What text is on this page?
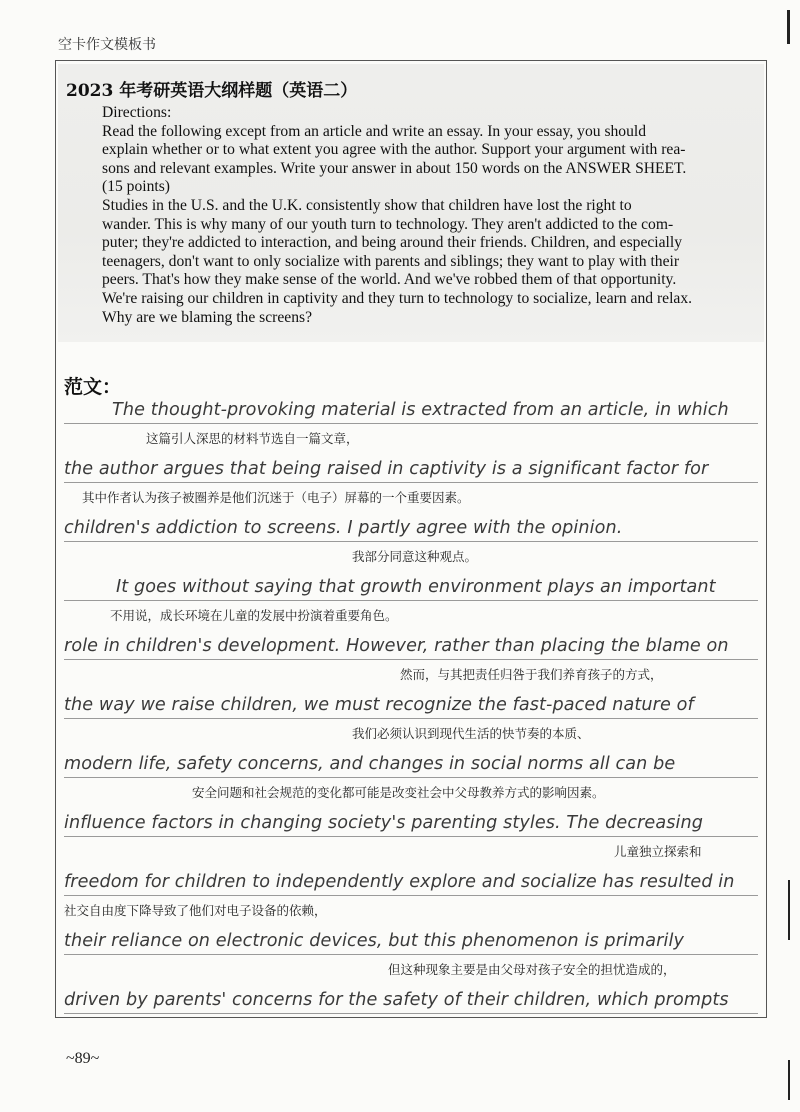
空卡作文模板书
2023 年考研英语大纲样题（英语二）

Directions:

Read the following except from an article and write an essay. In your essay, you should

explain whether or to what extent you agree with the author. Support your argument with rea-

sons and relevant examples. Write your answer in about 150 words on the ANSWER SHEET.

(15 points)

Studies in the U.S. and the U.K. consistently show that children have lost the right to

wander. This is why many of our youth turn to technology. They aren't addicted to the com-

puter; they're addicted to interaction, and being around their friends. Children, and especially

teenagers, don't want to only socialize with parents and siblings; they want to play with their

peers. That's how they make sense of the world. And we've robbed them of that opportunity.

We're raising our children in captivity and they turn to technology to socialize, learn and relax.

Why are we blaming the screens?

范文：
The thought-provoking material is extracted from an article, in which
这篇引人深思的材料节选自一篇文章，
the author argues that being raised in captivity is a significant factor for
其中作者认为孩子被圈养是他们沉迷于（电子）屏幕的一个重要因素。
children's addiction to screens. I partly agree with the opinion.
我部分同意这种观点。
It goes without saying that growth environment plays an important
不用说，成长环境在儿童的发展中扮演着重要角色。
role in children's development. However, rather than placing the blame on
然而，与其把责任归咎于我们养育孩子的方式，
the way we raise children, we must recognize the fast-paced nature of
我们必须认识到现代生活的快节奏的本质、
modern life, safety concerns, and changes in social norms all can be
安全问题和社会规范的变化都可能是改变社会中父母教养方式的影响因素。
influence factors in changing society's parenting styles. The decreasing
儿童独立探索和
freedom for children to independently explore and socialize has resulted in
社交自由度下降导致了他们对电子设备的依赖，
their reliance on electronic devices, but this phenomenon is primarily
但这种现象主要是由父母对孩子安全的担忧造成的，
driven by parents' concerns for the safety of their children, which prompts
~89~
